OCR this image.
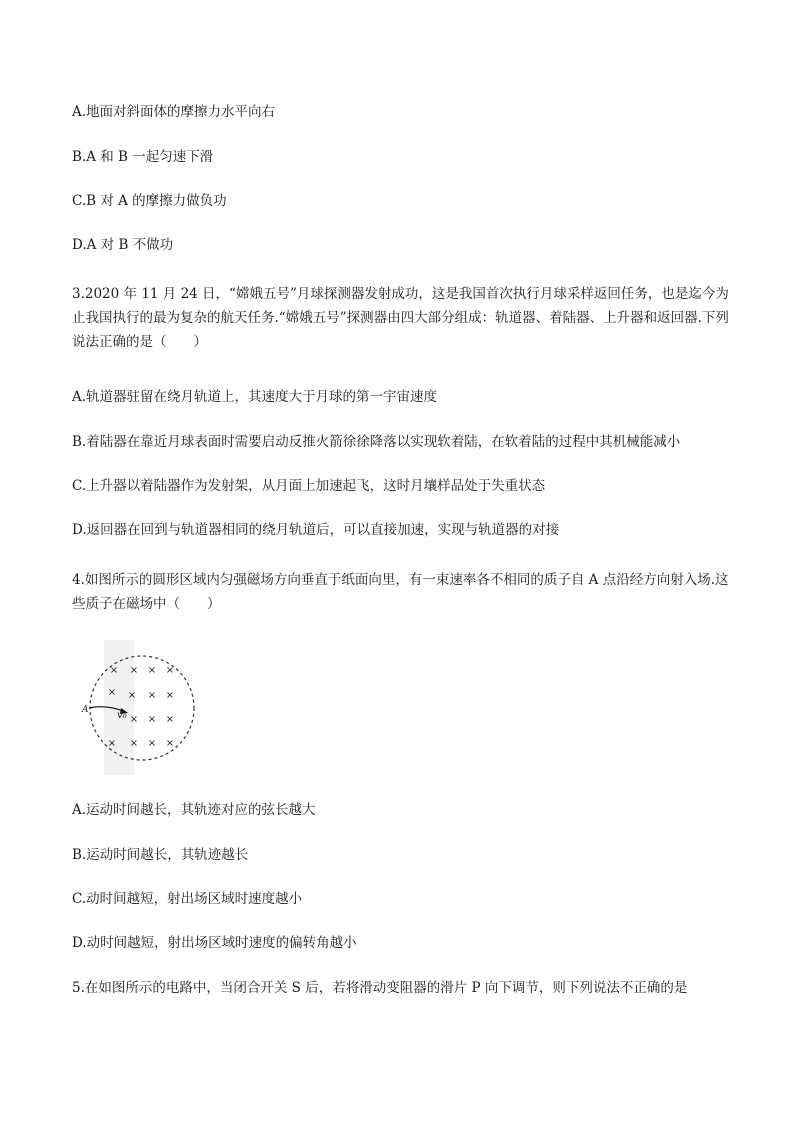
A.地面对斜面体的摩擦力水平向右
B.A 和 B 一起匀速下滑
C.B 对 A 的摩擦力做负功
D.A 对 B 不做功
3.2020 年 11 月 24 日，“嫦娥五号”月球探测器发射成功，这是我国首次执行月球采样返回任务，也是迄今为止我国执行的最为复杂的航天任务.“嫦娥五号”探测器由四大部分组成：轨道器、着陆器、上升器和返回器.下列说法正确的是（　　）
A.轨道器驻留在绕月轨道上，其速度大于月球的第一宇宙速度
B.着陆器在靠近月球表面时需要启动反推火箭徐徐降落以实现软着陆，在软着陆的过程中其机械能减小
C.上升器以着陆器作为发射架，从月面上加速起飞，这时月壤样品处于失重状态
D.返回器在回到与轨道器相同的绕月轨道后，可以直接加速，实现与轨道器的对接
4.如图所示的圆形区域内匀强磁场方向垂直于纸面向里，有一束速率各不相同的质子自 A 点沿经方向射入场.这些质子在磁场中（　　）
× × × ×
× × × ×
× × ×
× × × ×
A	v₀
A.运动时间越长，其轨迹对应的弦长越大
B.运动时间越长，其轨迹越长
C.动时间越短，射出场区域时速度越小
D.动时间越短，射出场区域时速度的偏转角越小
5.在如图所示的电路中，当闭合开关 S 后，若将滑动变阻器的滑片 P 向下调节，则下列说法不正确的是
